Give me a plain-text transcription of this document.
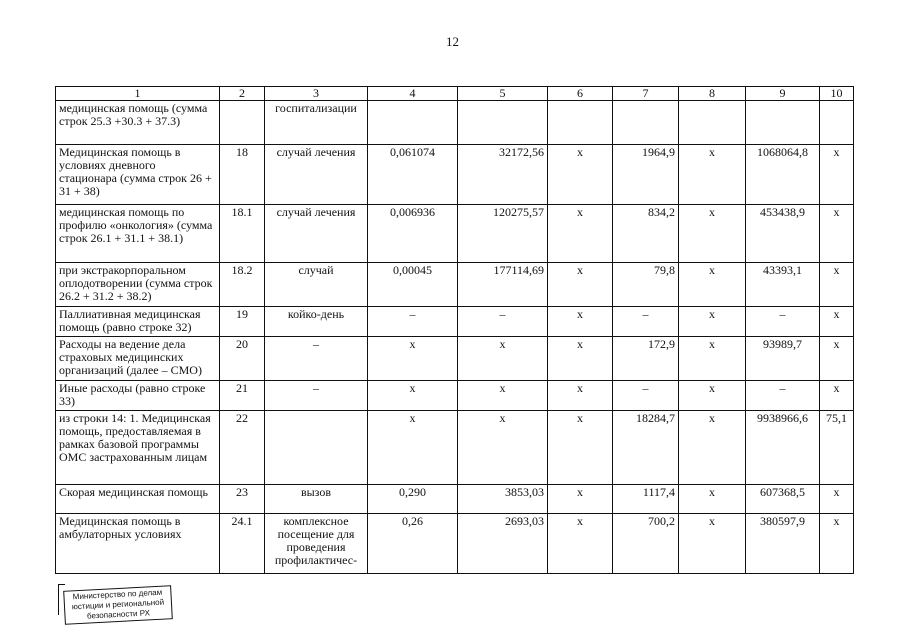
12
1	2	3	4	5	6	7	8	9	10
медицинская помощь (сумма строк 25.3 +30.3 + 37.3)		госпитализации							
Медицинская помощь в условиях дневного стационара (сумма строк 26 + 31 + 38)	18	случай лечения	0,061074	32172,56	х	1964,9	х	1068064,8	х
медицинская помощь по профилю «онкология» (сумма строк 26.1 + 31.1 + 38.1)	18.1	случай лечения	0,006936	120275,57	х	834,2	х	453438,9	х
при экстракорпоральном оплодотворении (сумма строк 26.2 + 31.2 + 38.2)	18.2	случай	0,00045	177114,69	х	79,8	х	43393,1	х
Паллиативная медицинская помощь (равно строке 32)	19	койко-день	–	–	х	–	х	–	х
Расходы на ведение дела страховых медицинских организаций (далее – СМО)	20	–	х	х	х	172,9	х	93989,7	х
Иные расходы (равно строке 33)	21	–	х	х	х	–	х	–	х
из строки 14: 1. Медицинская помощь, предоставляемая в рамках базовой программы ОМС застрахованным лицам	22		х	х	х	18284,7	х	9938966,6	75,1
Скорая медицинская помощь	23	вызов	0,290	3853,03	х	1117,4	х	607368,5	х
Медицинская помощь в амбулаторных условиях	24.1	комплексное посещение для проведения профилактичес-	0,26	2693,03	х	700,2	х	380597,9	х
Министерство по делам
юстиции и региональной
безопасности РХ
